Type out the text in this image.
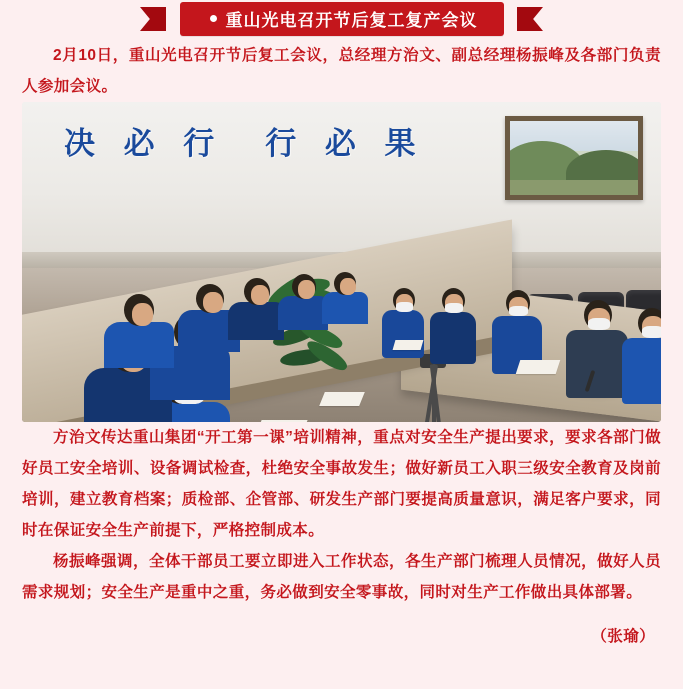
重山光电召开节后复工复产会议

2月10日，重山光电召开节后复工会议，总经理方治文、副总经理杨振峰及各部门负责人参加会议。

决 必 行　行 必 果

方治文传达重山集团“开工第一课”培训精神，重点对安全生产提出要求，要求各部门做好员工安全培训、设备调试检查，杜绝安全事故发生；做好新员工入职三级安全教育及岗前培训，建立教育档案；质检部、企管部、研发生产部门要提高质量意识，满足客户要求，同时在保证安全生产前提下，严格控制成本。

杨振峰强调，全体干部员工要立即进入工作状态，各生产部门梳理人员情况，做好人员需求规划；安全生产是重中之重，务必做到安全零事故，同时对生产工作做出具体部署。

（张瑜）
